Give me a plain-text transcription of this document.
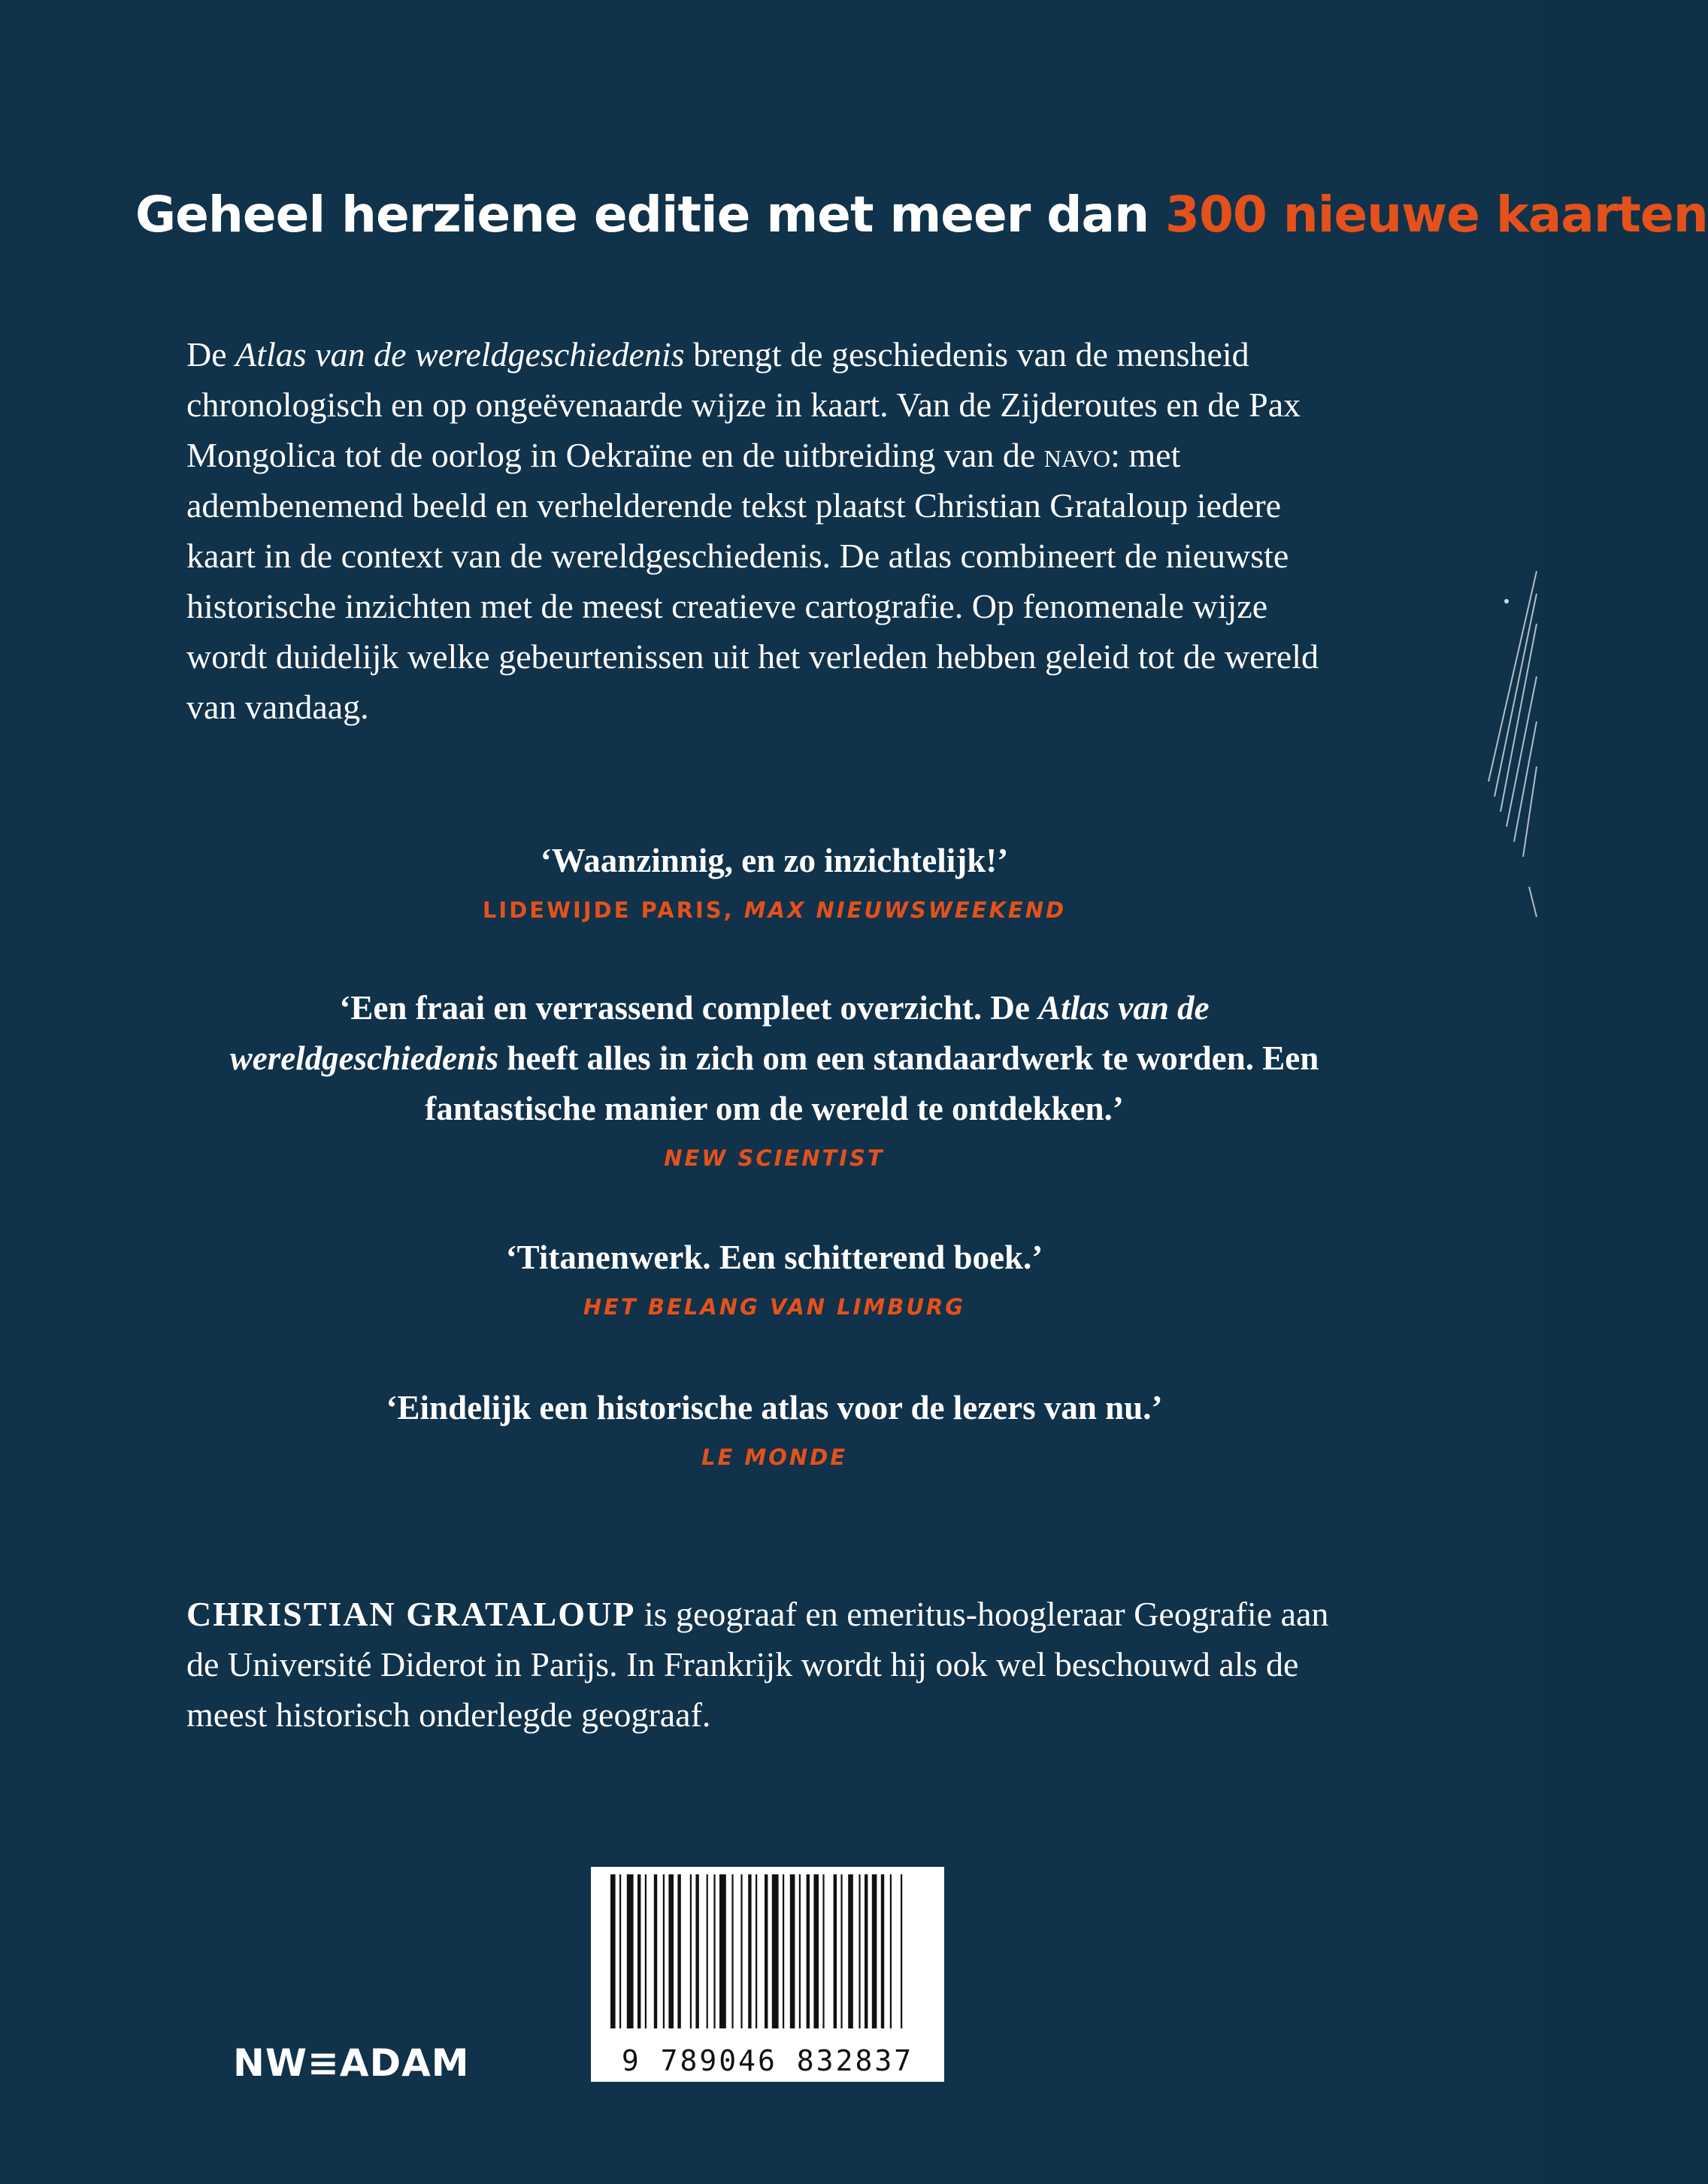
Geheel herziene editie met meer dan 300 nieuwe kaarten
De Atlas van de wereldgeschiedenis brengt de geschiedenis van de mensheid chronologisch en op ongeëvenaarde wijze in kaart. Van de Zijderoutes en de Pax Mongolica tot de oorlog in Oekraïne en de uitbreiding van de navo: met adembenemend beeld en verhelderende tekst plaatst Christian Grataloup iedere kaart in de context van de wereldgeschiedenis. De atlas combineert de nieuwste historische inzichten met de meest creatieve cartografie. Op fenomenale wijze wordt duidelijk welke gebeurtenissen uit het verleden hebben geleid tot de wereld van vandaag.
‘Waanzinnig, en zo inzichtelijk!’
LIDEWIJDE PARIS, MAX NIEUWSWEEKEND
‘Een fraai en verrassend compleet overzicht. De Atlas van de wereldgeschiedenis heeft alles in zich om een standaardwerk te worden. Een fantastische manier om de wereld te ontdekken.’
NEW SCIENTIST
‘Titanenwerk. Een schitterend boek.’
HET BELANG VAN LIMBURG
‘Eindelijk een historische atlas voor de lezers van nu.’
LE MONDE
CHRISTIAN GRATALOUP is geograaf en emeritus-hoogleraar Geografie aan de Université Diderot in Parijs. In Frankrijk wordt hij ook wel beschouwd als de meest historisch onderlegde geograaf.
NW≡ADAM	9 789046 832837
